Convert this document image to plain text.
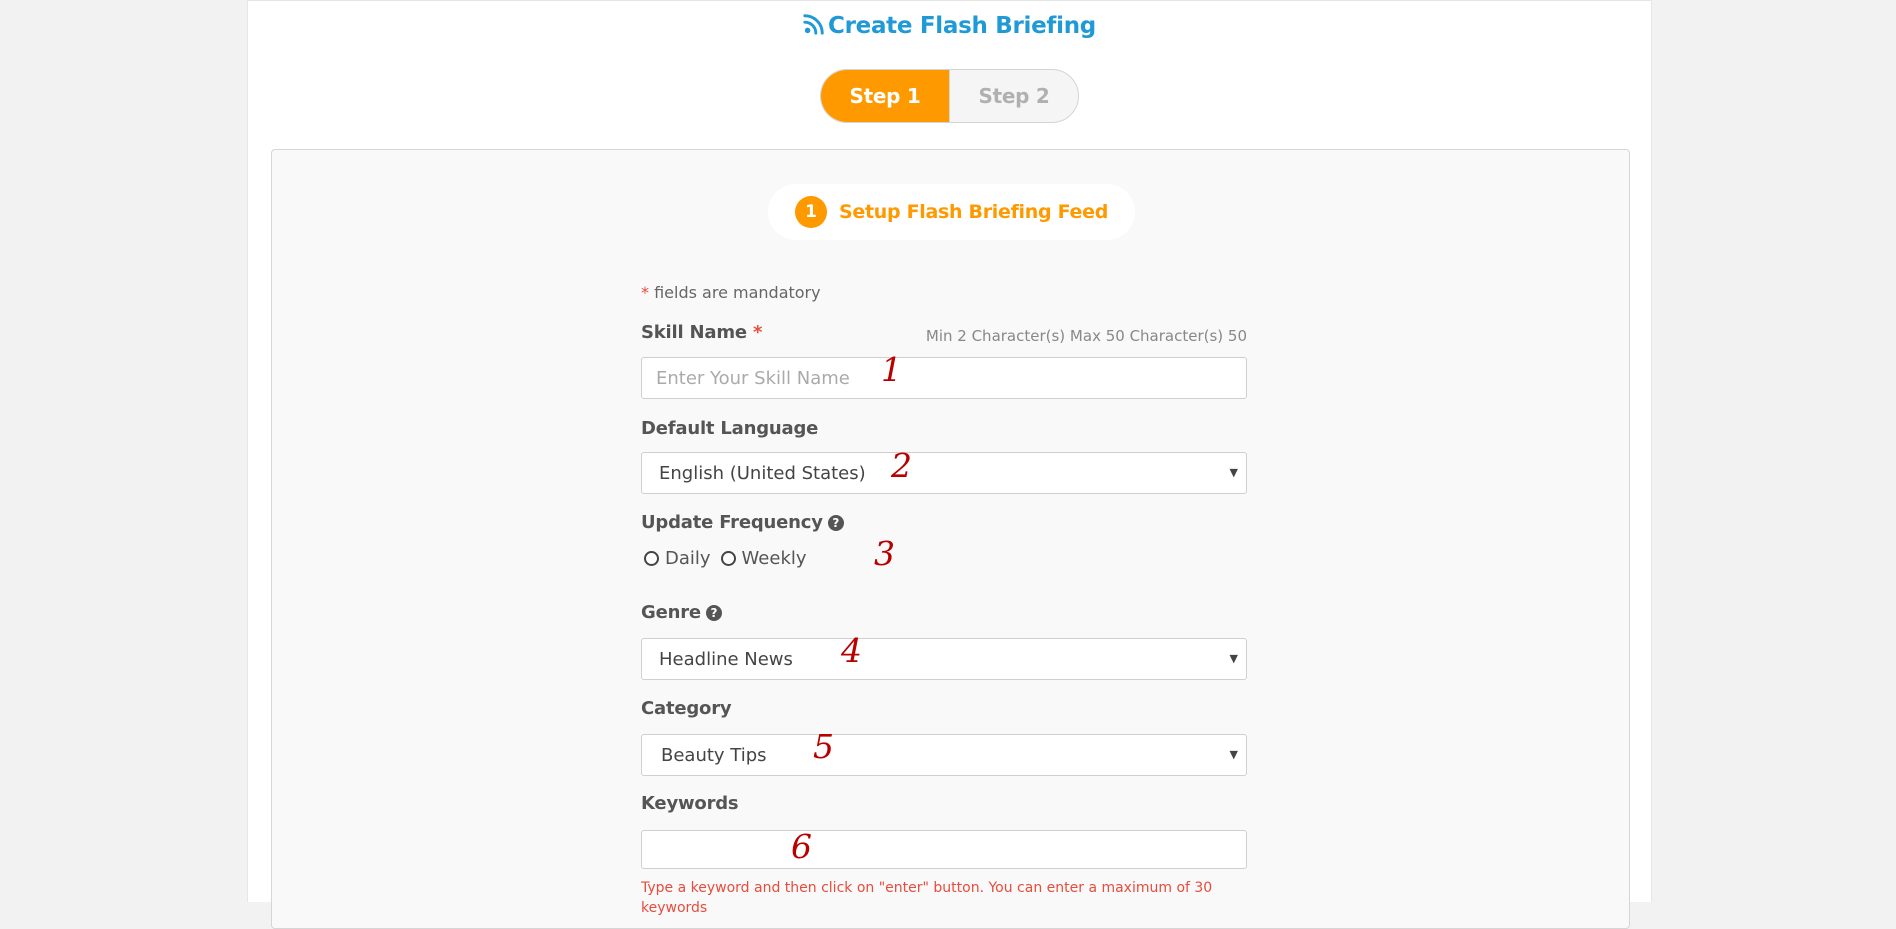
Create Flash Briefing
Step 1	Step 2
1	Setup Flash Briefing Feed
* fields are mandatory
Skill Name *	Min 2 Character(s) Max 50 Character(s) 50
Enter Your Skill Name
Default Language
English (United States)	▼
Update Frequency ?
Daily Weekly
Genre ?
Headline News	▼
Category
Beauty Tips	▼
Keywords
Type a keyword and then click on "enter" button. You can enter a maximum of 30 keywords
1
2
3
4
5
6
